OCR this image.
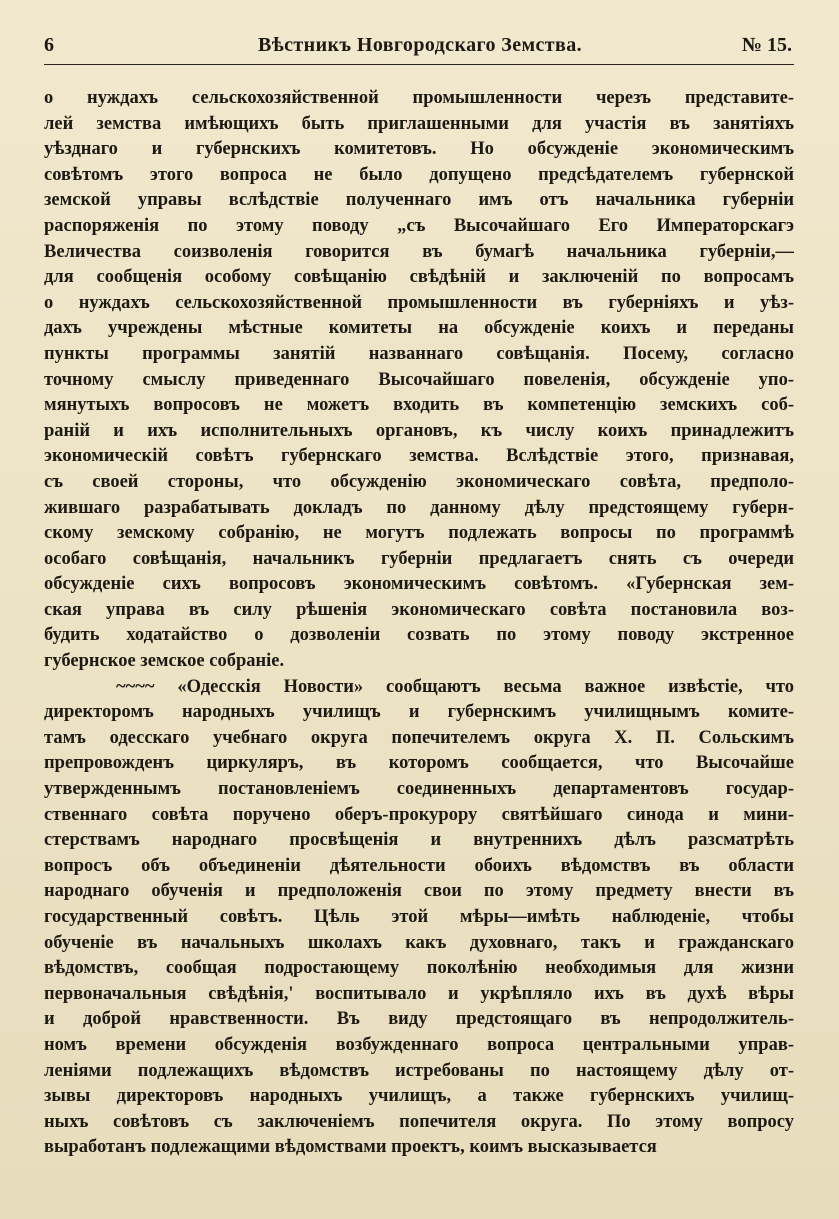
6	Вѣстникъ Новгородскаго Земства.	№ 15.
о нуждахъ сельскохозяйственной промышленности черезъ представите-
лей земства имѣющихъ быть приглашенными для участія въ занятіяхъ
уѣзднаго и губернскихъ комитетовъ. Но обсужденіе экономическимъ
совѣтомъ этого вопроса не было допущено предсѣдателемъ губернской
земской управы вслѣдствіе полученнаго имъ отъ начальника губерніи
распоряженія по этому поводу „съ Высочайшаго Его Императорскагэ
Величества соизволенія говорится въ бумагѣ начальника губерніи,—
для сообщенія особому совѣщанію свѣдѣній и заключеній по вопросамъ
о нуждахъ сельскохозяйственной промышленности въ губерніяхъ и уѣз-
дахъ учреждены мѣстные комитеты на обсужденіе коихъ и переданы
пункты программы занятій названнаго совѣщанія. Посему, согласно
точному смыслу приведеннаго Высочайшаго повеленія, обсужденіе упо-
мянутыхъ вопросовъ не можетъ входить въ компетенцію земскихъ соб-
раній и ихъ исполнительныхъ органовъ, къ числу коихъ принадлежитъ
экономическій совѣтъ губернскаго земства. Вслѣдствіе этого, признавая,
съ своей стороны, что обсужденію экономическаго совѣта, предполо-
жившаго разрабатывать докладъ по данному дѣлу предстоящему губерн-
скому земскому собранію, не могутъ подлежать вопросы по программѣ
особаго совѣщанія, начальникъ губерніи предлагаетъ снять съ очереди
обсужденіе сихъ вопросовъ экономическимъ совѣтомъ. «Губернская зем-
ская управа въ силу рѣшенія экономическаго совѣта постановила воз-
будить ходатайство о дозволеніи созвать по этому поводу экстренное
губернское земское собраніе.
~~~~ «Одесскія Новости» сообщаютъ весьма важное извѣстіе, что
директоромъ народныхъ училищъ и губернскимъ училищнымъ комите-
тамъ одесскаго учебнаго округа попечителемъ округа Х. П. Сольскимъ
препровожденъ циркуляръ, въ которомъ сообщается, что Высочайше
утвержденнымъ постановленіемъ соединенныхъ департаментовъ государ-
ственнаго совѣта поручено оберъ-прокурору святѣйшаго синода и мини-
стерствамъ народнаго просвѣщенія и внутреннихъ дѣлъ разсматрѣть
вопросъ объ объединеніи дѣятельности обоихъ вѣдомствъ въ области
народнаго обученія и предположенія свои по этому предмету внести въ
государственный совѣтъ. Цѣль этой мѣры—имѣть наблюденіе, чтобы
обученіе въ начальныхъ школахъ какъ духовнаго, такъ и гражданскаго
вѣдомствъ, сообщая подростающему поколѣнію необходимыя для жизни
первоначальныя свѣдѣнія,' воспитывало и укрѣпляло ихъ въ духѣ вѣры
и доброй нравственности. Въ виду предстоящаго въ непродолжитель-
номъ времени обсужденія возбужденнаго вопроса центральными управ-
леніями подлежащихъ вѣдомствъ истребованы по настоящему дѣлу от-
зывы директоровъ народныхъ училищъ, а также губернскихъ училищ-
ныхъ совѣтовъ съ заключеніемъ попечителя округа. По этому вопросу
выработанъ подлежащими вѣдомствами проектъ, коимъ высказывается
